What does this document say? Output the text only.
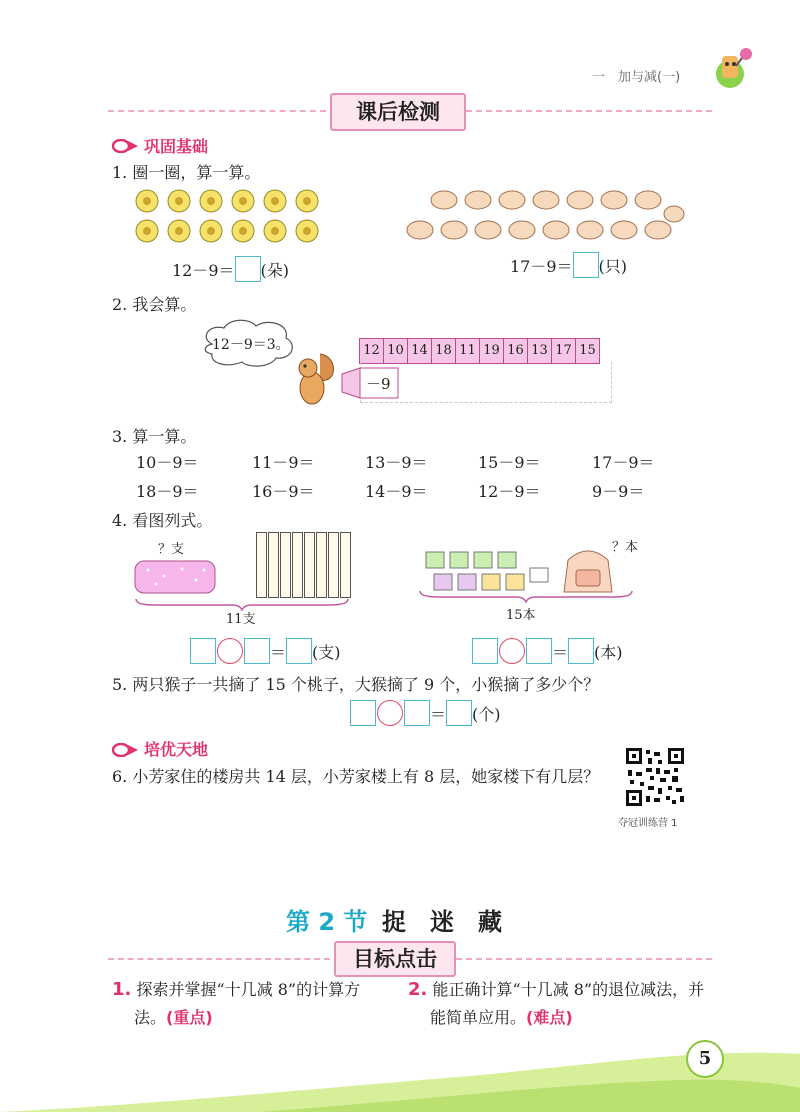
一　加与减(一)
课后检测
巩固基础
1. 圈一圈，算一算。
12－9＝ (朵)	17－9＝ (只)
2. 我会算。
12－9＝3。	12 10 14 18 11 19 16 13 17 15
－9
3. 算一算。
10－9＝	11－9＝	13－9＝	15－9＝	17－9＝
18－9＝	16－9＝	14－9＝	12－9＝	9－9＝
4. 看图列式。
？支
11支
？本
15本
＝ (支)	＝ (本)
5. 两只猴子一共摘了 15 个桃子，大猴摘了 9 个，小猴摘了多少个？
＝ (个)
培优天地
6. 小芳家住的楼房共 14 层，小芳家楼上有 8 层，她家楼下有几层？
夺冠训练营 1
第 2 节 捉　迷　藏
目标点击
1. 探索并掌握“十几减 8”的计算方
法。(重点)
2. 能正确计算“十几减 8”的退位减法，并
能简单应用。(难点)
5
